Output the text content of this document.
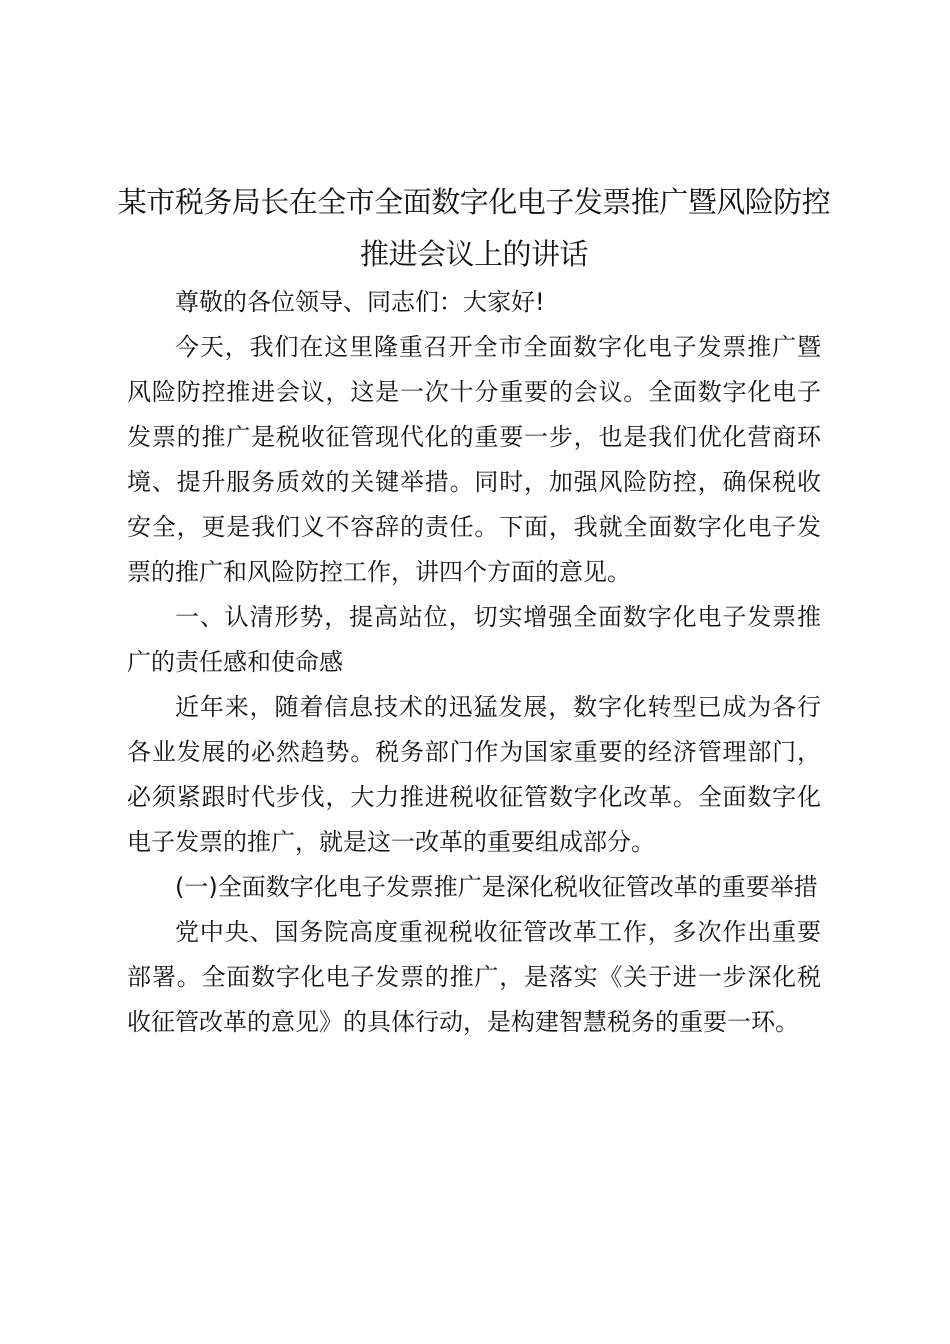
某市税务局长在全市全面数字化电子发票推广暨风险防控推进会议上的讲话

尊敬的各位领导、同志们：大家好!

今天，我们在这里隆重召开全市全面数字化电子发票推广暨风险防控推进会议，这是一次十分重要的会议。全面数字化电子发票的推广是税收征管现代化的重要一步，也是我们优化营商环境、提升服务质效的关键举措。同时，加强风险防控，确保税收安全，更是我们义不容辞的责任。下面，我就全面数字化电子发票的推广和风险防控工作，讲四个方面的意见。

一、认清形势，提高站位，切实增强全面数字化电子发票推广的责任感和使命感

近年来，随着信息技术的迅猛发展，数字化转型已成为各行各业发展的必然趋势。税务部门作为国家重要的经济管理部门，必须紧跟时代步伐，大力推进税收征管数字化改革。全面数字化电子发票的推广，就是这一改革的重要组成部分。

(一)全面数字化电子发票推广是深化税收征管改革的重要举措

党中央、国务院高度重视税收征管改革工作，多次作出重要部署。全面数字化电子发票的推广，是落实《关于进一步深化税收征管改革的意见》的具体行动，是构建智慧税务的重要一环。
